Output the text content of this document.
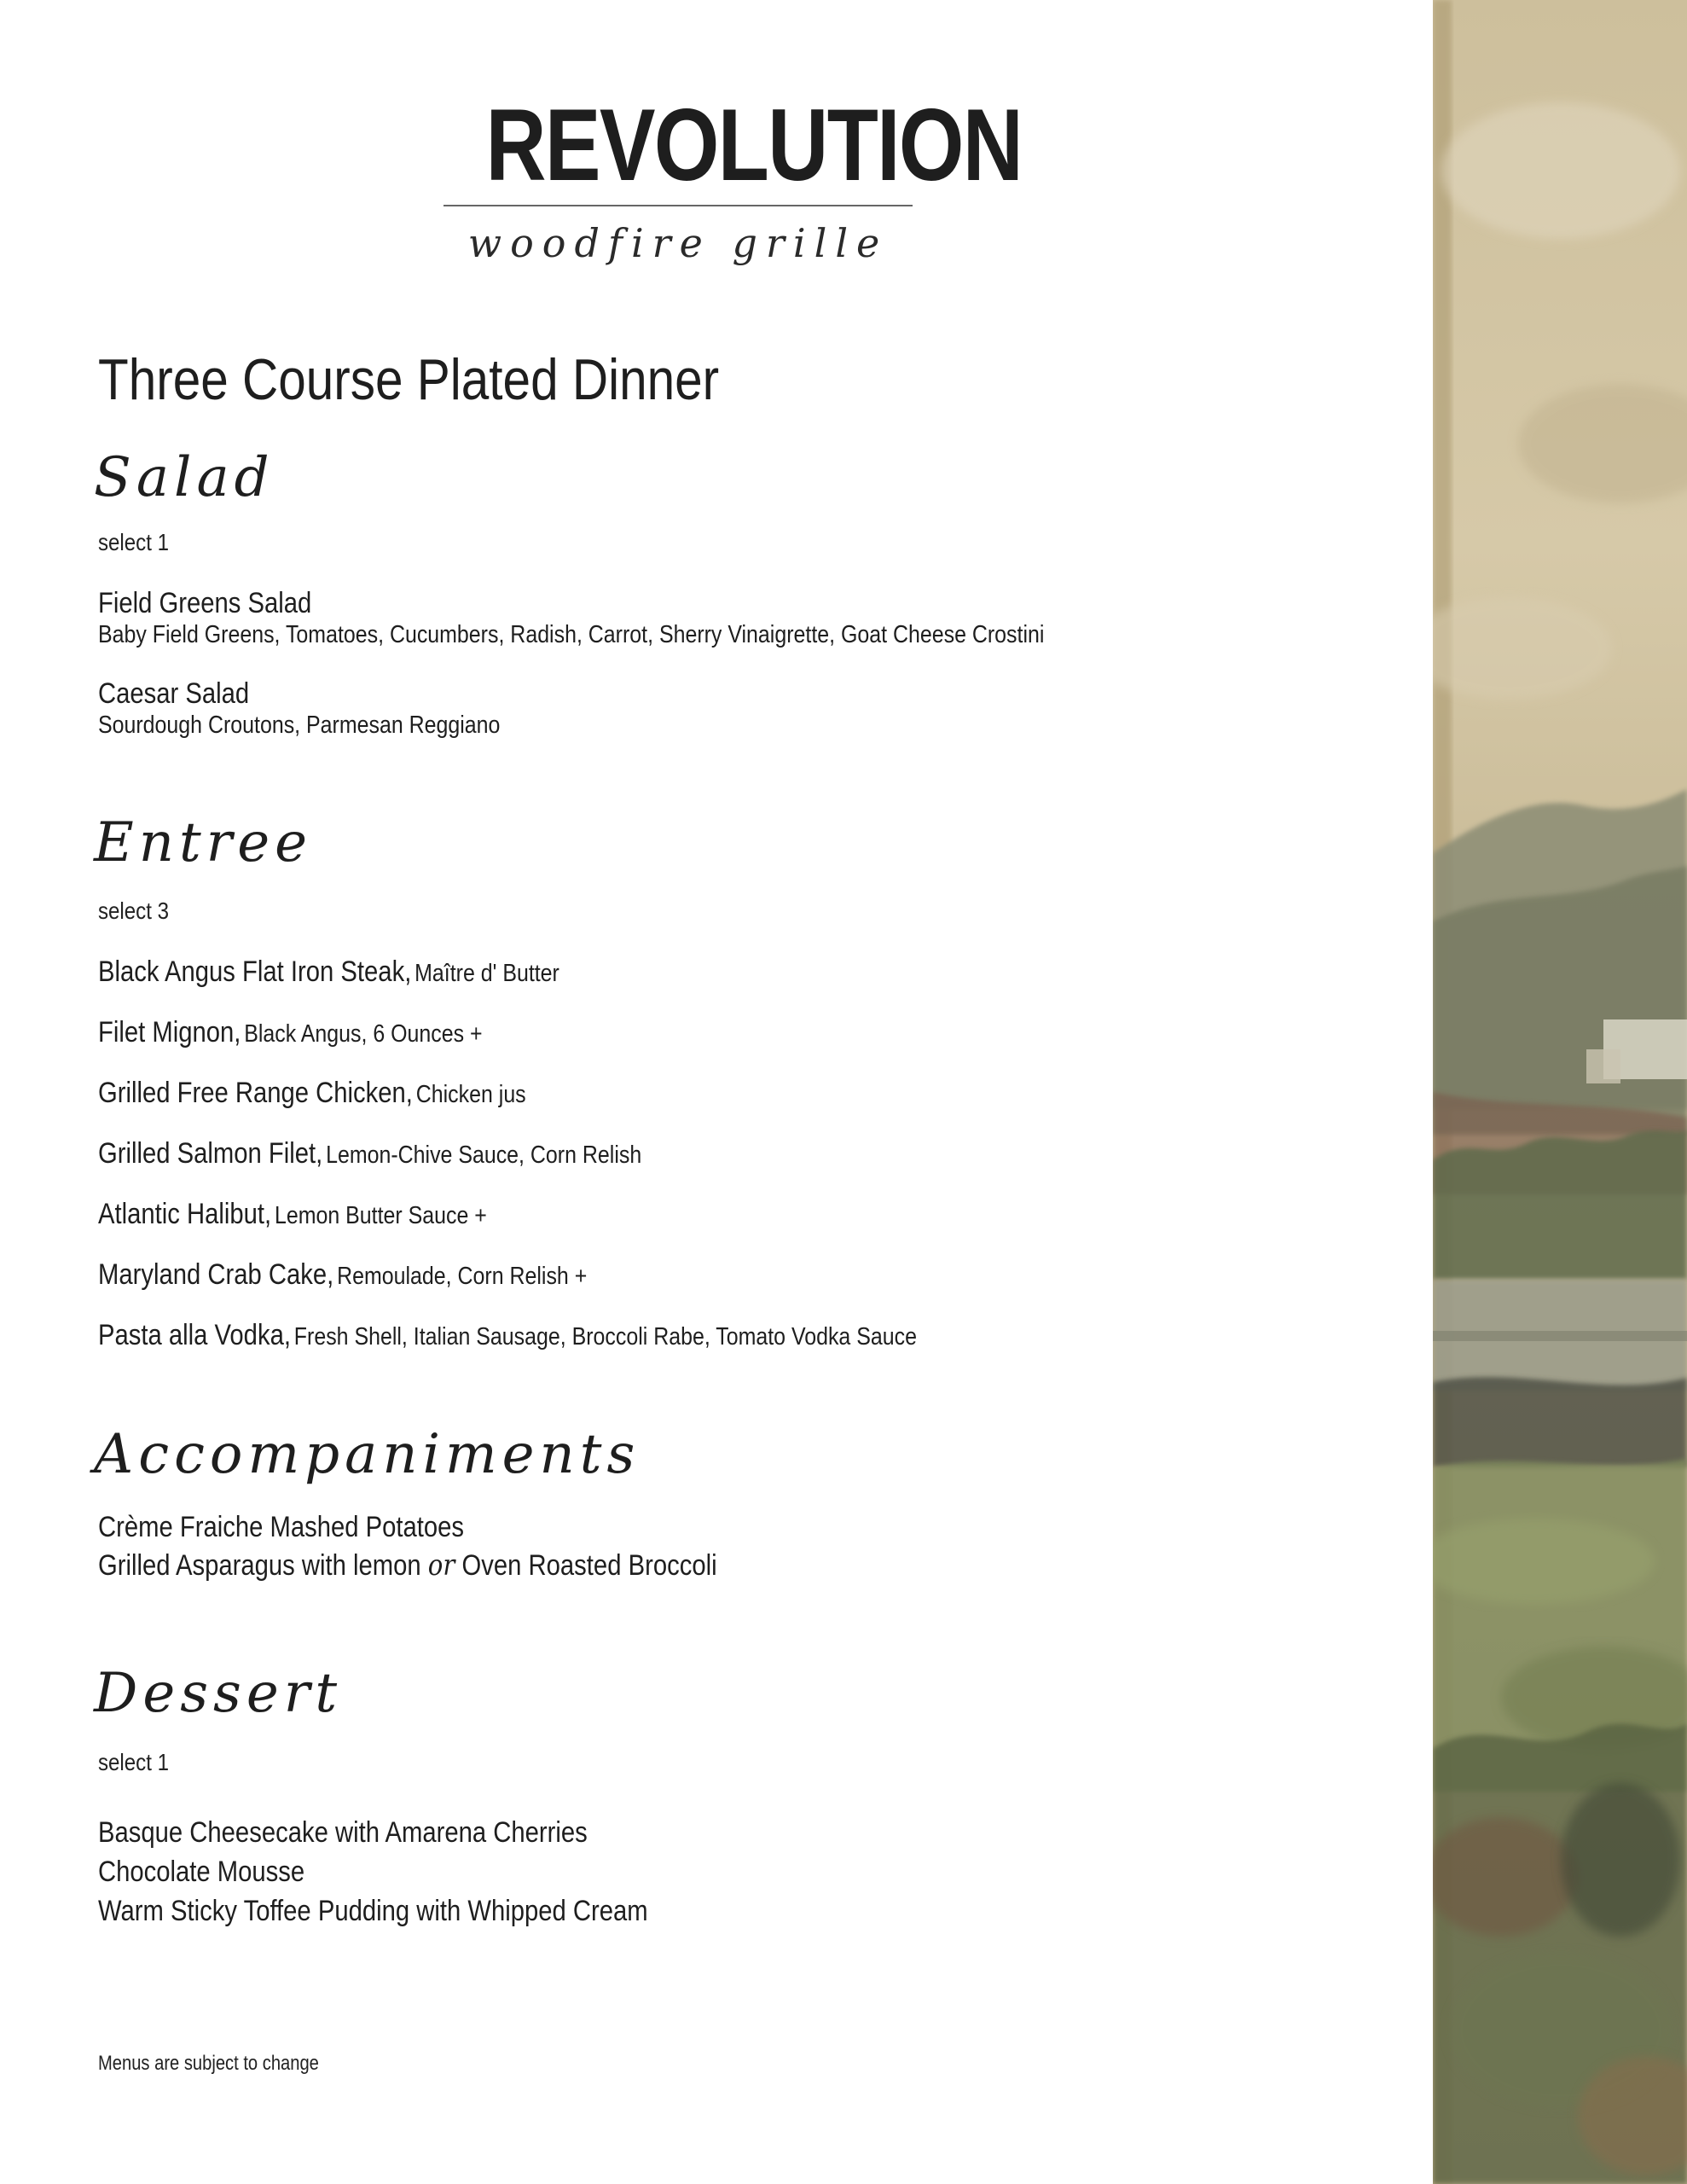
REVOLUTION
woodfire grille
Three Course Plated Dinner
Salad
select 1
Field Greens Salad
Baby Field Greens, Tomatoes, Cucumbers, Radish, Carrot, Sherry Vinaigrette, Goat Cheese Crostini
Caesar Salad
Sourdough Croutons, Parmesan Reggiano
Entree
select 3
Black Angus Flat Iron Steak, Maître d' Butter
Filet Mignon, Black Angus, 6 Ounces +
Grilled Free Range Chicken, Chicken jus
Grilled Salmon Filet, Lemon-Chive Sauce, Corn Relish
Atlantic Halibut, Lemon Butter Sauce +
Maryland Crab Cake, Remoulade, Corn Relish +
Pasta alla Vodka, Fresh Shell, Italian Sausage, Broccoli Rabe, Tomato Vodka Sauce
Accompaniments
Crème Fraiche Mashed Potatoes
Grilled Asparagus with lemon or Oven Roasted Broccoli
Dessert
select 1
Basque Cheesecake with Amarena Cherries
Chocolate Mousse
Warm Sticky Toffee Pudding with Whipped Cream
Menus are subject to change
